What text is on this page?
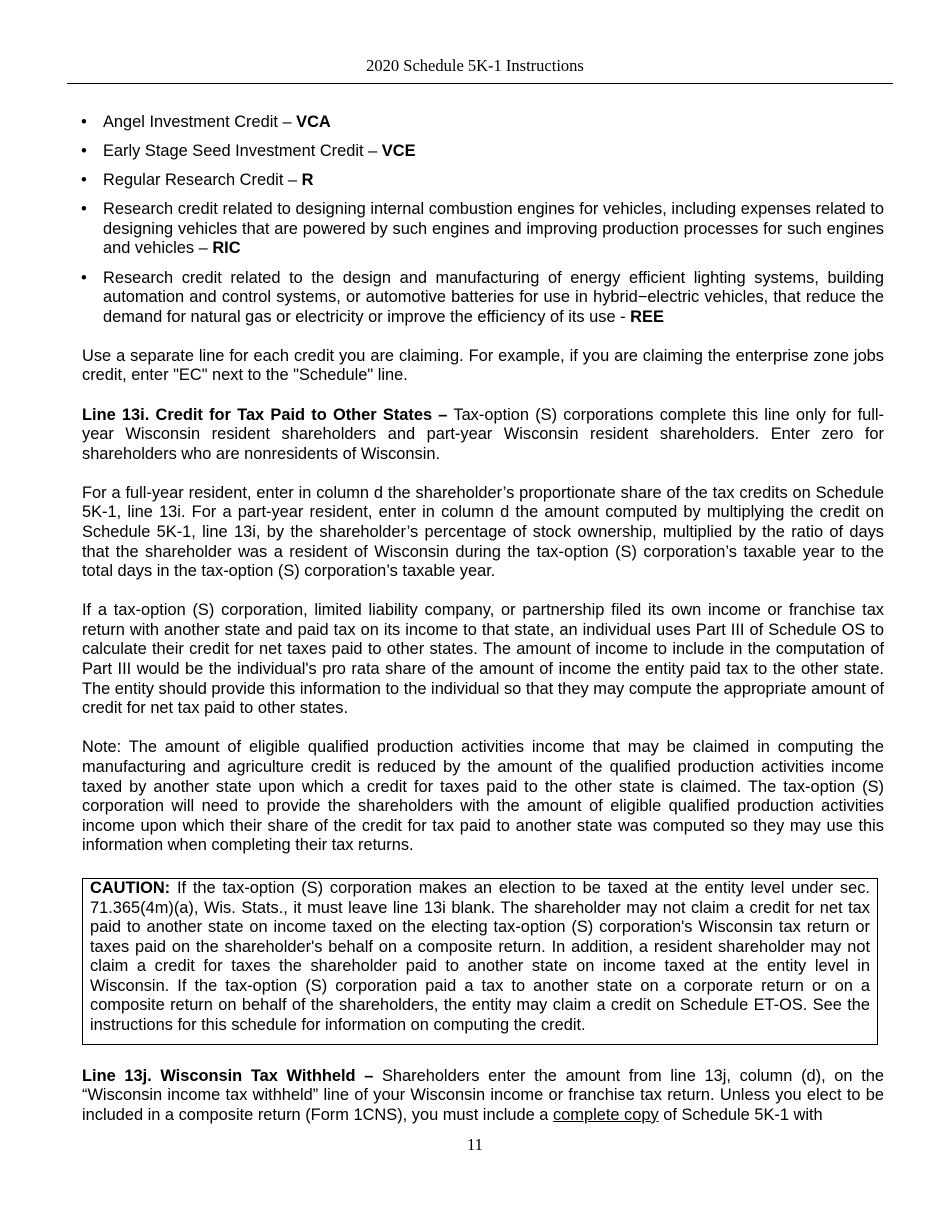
2020 Schedule 5K-1 Instructions
• Angel Investment Credit – VCA
• Early Stage Seed Investment Credit – VCE
• Regular Research Credit – R
• Research credit related to designing internal combustion engines for vehicles, including expenses related to designing vehicles that are powered by such engines and improving production processes for such engines and vehicles – RIC
• Research credit related to the design and manufacturing of energy efficient lighting systems, building automation and control systems, or automotive batteries for use in hybrid−electric vehicles, that reduce the demand for natural gas or electricity or improve the efficiency of its use - REE

Use a separate line for each credit you are claiming. For example, if you are claiming the enterprise zone jobs credit, enter "EC" next to the "Schedule" line.

Line 13i. Credit for Tax Paid to Other States – Tax-option (S) corporations complete this line only for full-year Wisconsin resident shareholders and part-year Wisconsin resident shareholders. Enter zero for shareholders who are nonresidents of Wisconsin.

For a full-year resident, enter in column d the shareholder’s proportionate share of the tax credits on Schedule 5K-1, line 13i. For a part-year resident, enter in column d the amount computed by multiplying the credit on Schedule 5K-1, line 13i, by the shareholder’s percentage of stock ownership, multiplied by the ratio of days that the shareholder was a resident of Wisconsin during the tax-option (S) corporation’s taxable year to the total days in the tax-option (S) corporation’s taxable year.

If a tax-option (S) corporation, limited liability company, or partnership filed its own income or franchise tax return with another state and paid tax on its income to that state, an individual uses Part III of Schedule OS to calculate their credit for net taxes paid to other states. The amount of income to include in the computation of Part III would be the individual's pro rata share of the amount of income the entity paid tax to the other state. The entity should provide this information to the individual so that they may compute the appropriate amount of credit for net tax paid to other states.

Note: The amount of eligible qualified production activities income that may be claimed in computing the manufacturing and agriculture credit is reduced by the amount of the qualified production activities income taxed by another state upon which a credit for taxes paid to the other state is claimed. The tax-option (S) corporation will need to provide the shareholders with the amount of eligible qualified production activities income upon which their share of the credit for tax paid to another state was computed so they may use this information when completing their tax returns.

CAUTION: If the tax-option (S) corporation makes an election to be taxed at the entity level under sec. 71.365(4m)(a), Wis. Stats., it must leave line 13i blank. The shareholder may not claim a credit for net tax paid to another state on income taxed on the electing tax-option (S) corporation's Wisconsin tax return or taxes paid on the shareholder's behalf on a composite return. In addition, a resident shareholder may not claim a credit for taxes the shareholder paid to another state on income taxed at the entity level in Wisconsin. If the tax-option (S) corporation paid a tax to another state on a corporate return or on a composite return on behalf of the shareholders, the entity may claim a credit on Schedule ET-OS. See the instructions for this schedule for information on computing the credit.

Line 13j. Wisconsin Tax Withheld – Shareholders enter the amount from line 13j, column (d), on the “Wisconsin income tax withheld” line of your Wisconsin income or franchise tax return. Unless you elect to be included in a composite return (Form 1CNS), you must include a complete copy of Schedule 5K-1 with

11
